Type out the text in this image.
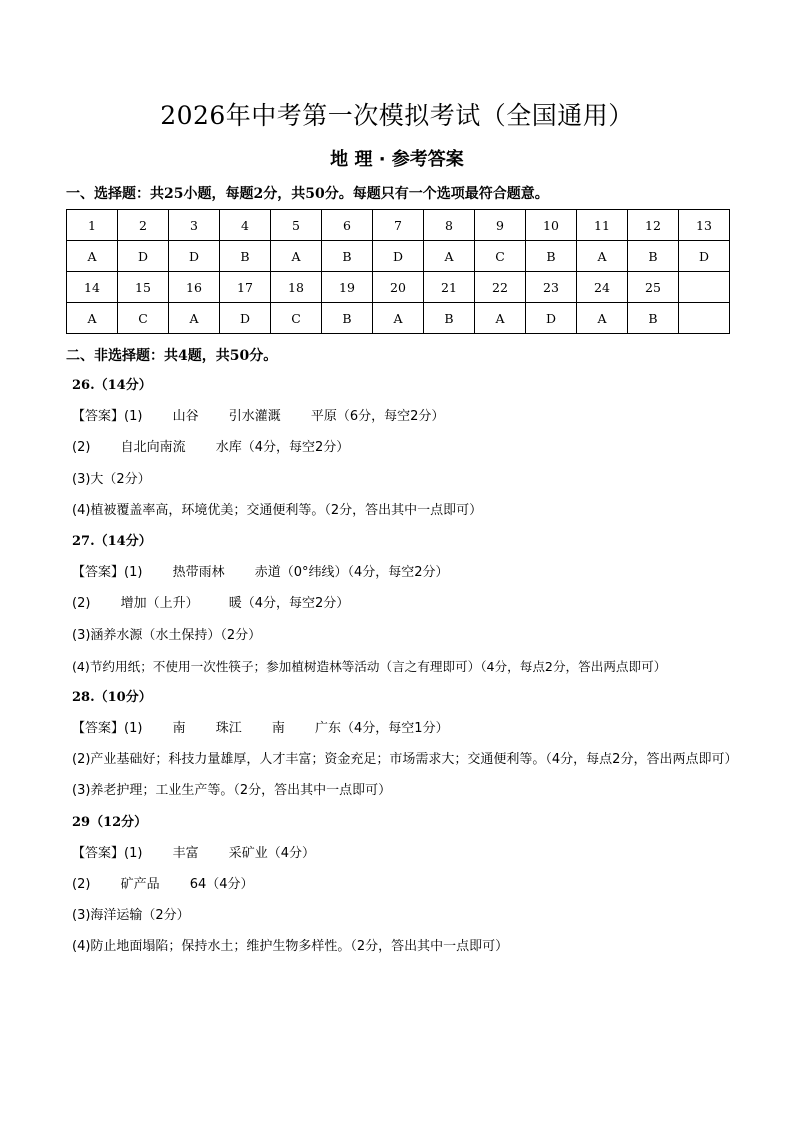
2026年中考第一次模拟考试（全国通用）
地 理 · 参考答案
一、选择题：共25小题，每题2分，共50分。每题只有一个选项最符合题意。
1	2	3	4	5	6	7	8	9	10	11	12	13
A	D	D	B	A	B	D	A	C	B	A	B	D
14	15	16	17	18	19	20	21	22	23	24	25	
A	C	A	D	C	B	A	B	A	D	A	B	
二、非选择题：共4题，共50分。
26.（14分）
【答案】(1) 山谷 引水灌溉 平原（6分，每空2分）
(2) 自北向南流 水库（4分，每空2分）
(3)大（2分）
(4)植被覆盖率高，环境优美；交通便利等。（2分，答出其中一点即可）
27.（14分）
【答案】(1) 热带雨林 赤道（0°纬线）（4分，每空2分）
(2) 增加（上升） 暖（4分，每空2分）
(3)涵养水源（水土保持）（2分）
(4)节约用纸；不使用一次性筷子；参加植树造林等活动（言之有理即可）（4分，每点2分，答出两点即可）
28.（10分）
【答案】(1) 南 珠江 南 广东（4分，每空1分）
(2)产业基础好；科技力量雄厚，人才丰富；资金充足；市场需求大；交通便利等。（4分，每点2分，答出两点即可）
(3)养老护理；工业生产等。（2分，答出其中一点即可）
29（12分）
【答案】(1) 丰富 采矿业（4分）
(2) 矿产品 64（4分）
(3)海洋运输（2分）
(4)防止地面塌陷；保持水土；维护生物多样性。（2分，答出其中一点即可）
